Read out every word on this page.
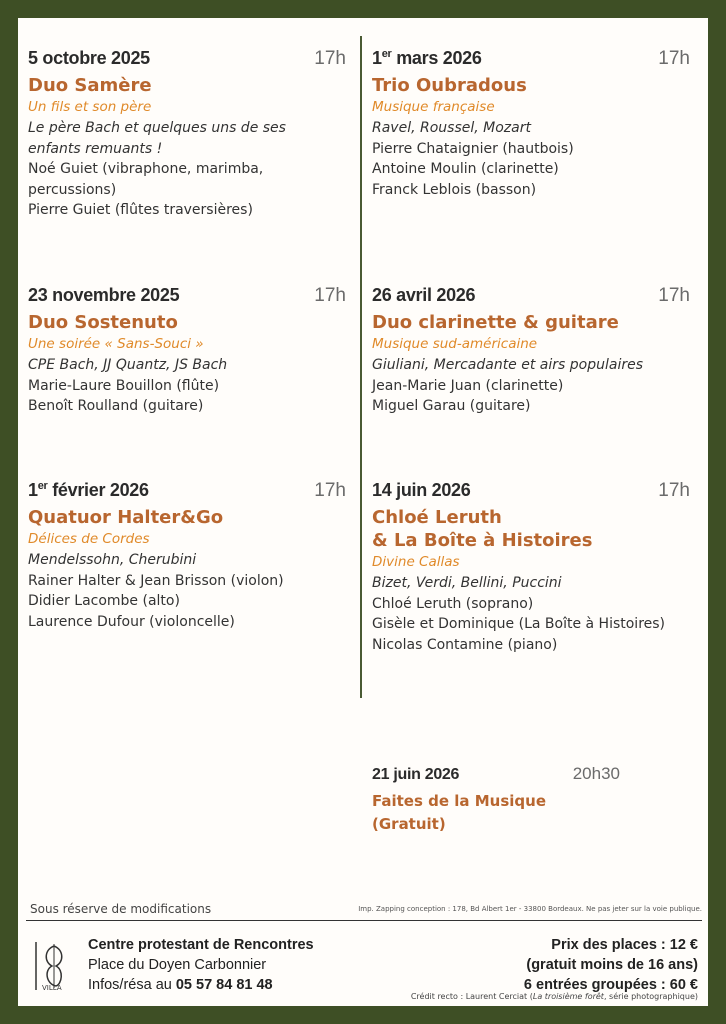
5 octobre 2025	17h
Duo Samère
Un fils et son père
Le père Bach et quelques uns de ses
enfants remuants !
Noé Guiet (vibraphone, marimba,
percussions)
Pierre Guiet (flûtes traversières)
23 novembre 2025	17h
Duo Sostenuto
Une soirée « Sans-Souci »
CPE Bach, JJ Quantz, JS Bach
Marie-Laure Bouillon (flûte)
Benoît Roulland (guitare)
1er février 2026	17h
Quatuor Halter&Go
Délices de Cordes
Mendelssohn, Cherubini
Rainer Halter & Jean Brisson (violon)
Didier Lacombe (alto)
Laurence Dufour (violoncelle)
1er mars 2026	17h
Trio Oubradous
Musique française
Ravel, Roussel, Mozart
Pierre Chataignier (hautbois)
Antoine Moulin (clarinette)
Franck Leblois (basson)
26 avril 2026	17h
Duo clarinette & guitare
Musique sud-américaine
Giuliani, Mercadante et airs populaires
Jean-Marie Juan (clarinette)
Miguel Garau (guitare)
14 juin 2026	17h
Chloé Leruth
& La Boîte à Histoires
Divine Callas
Bizet, Verdi, Bellini, Puccini
Chloé Leruth (soprano)
Gisèle et Dominique (La Boîte à Histoires)
Nicolas Contamine (piano)
21 juin 2026	20h30
Faites de la Musique (Gratuit)
Sous réserve de modifications	Imp. Zapping conception : 178, Bd Albert 1er - 33800 Bordeaux. Ne pas jeter sur la voie publique.
VILLA
Centre protestant de Rencontres
Place du Doyen Carbonnier
Infos/résa au 05 57 84 81 48
Prix des places : 12 €
(gratuit moins de 16 ans)
6 entrées groupées : 60 €
Crédit recto : Laurent Cerciat (La troisième forêt, série photographique)
